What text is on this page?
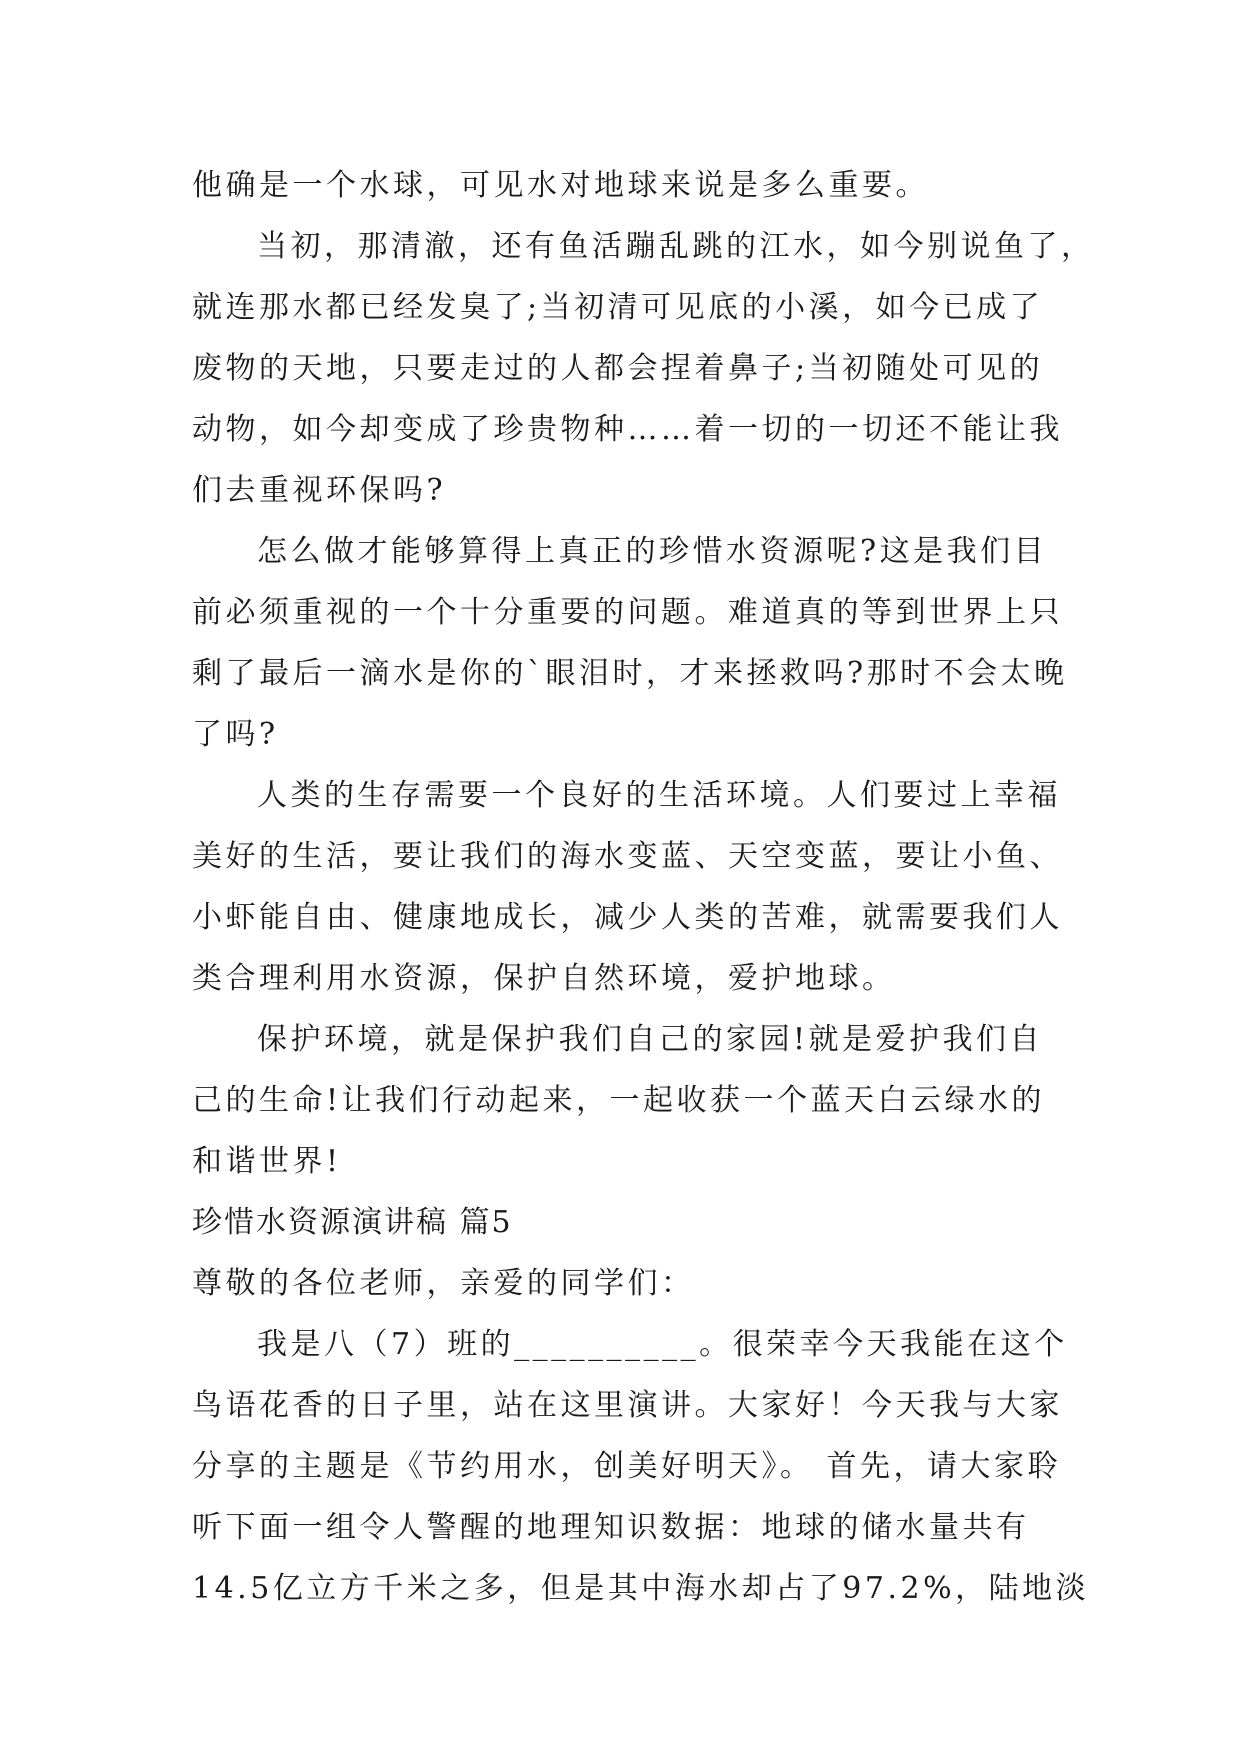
他确是一个水球，可见水对地球来说是多么重要。
当初，那清澈，还有鱼活蹦乱跳的江水，如今别说鱼了，
就连那水都已经发臭了;当初清可见底的小溪，如今已成了
废物的天地，只要走过的人都会捏着鼻子;当初随处可见的
动物，如今却变成了珍贵物种……着一切的一切还不能让我
们去重视环保吗?
怎么做才能够算得上真正的珍惜水资源呢?这是我们目
前必须重视的一个十分重要的问题。难道真的等到世界上只
剩了最后一滴水是你的`眼泪时，才来拯救吗?那时不会太晚
了吗?
人类的生存需要一个良好的生活环境。人们要过上幸福
美好的生活，要让我们的海水变蓝、天空变蓝，要让小鱼、
小虾能自由、健康地成长，减少人类的苦难，就需要我们人
类合理利用水资源，保护自然环境，爱护地球。
保护环境，就是保护我们自己的家园!就是爱护我们自
己的生命!让我们行动起来，一起收获一个蓝天白云绿水的
和谐世界!
珍惜水资源演讲稿 篇5
尊敬的各位老师，亲爱的同学们：
我是八（7）班的__________。很荣幸今天我能在这个
鸟语花香的日子里，站在这里演讲。大家好！今天我与大家
分享的主题是《节约用水，创美好明天》。 首先，请大家聆
听下面一组令人警醒的地理知识数据：地球的储水量共有
14.5亿立方千米之多，但是其中海水却占了97.2%，陆地淡
